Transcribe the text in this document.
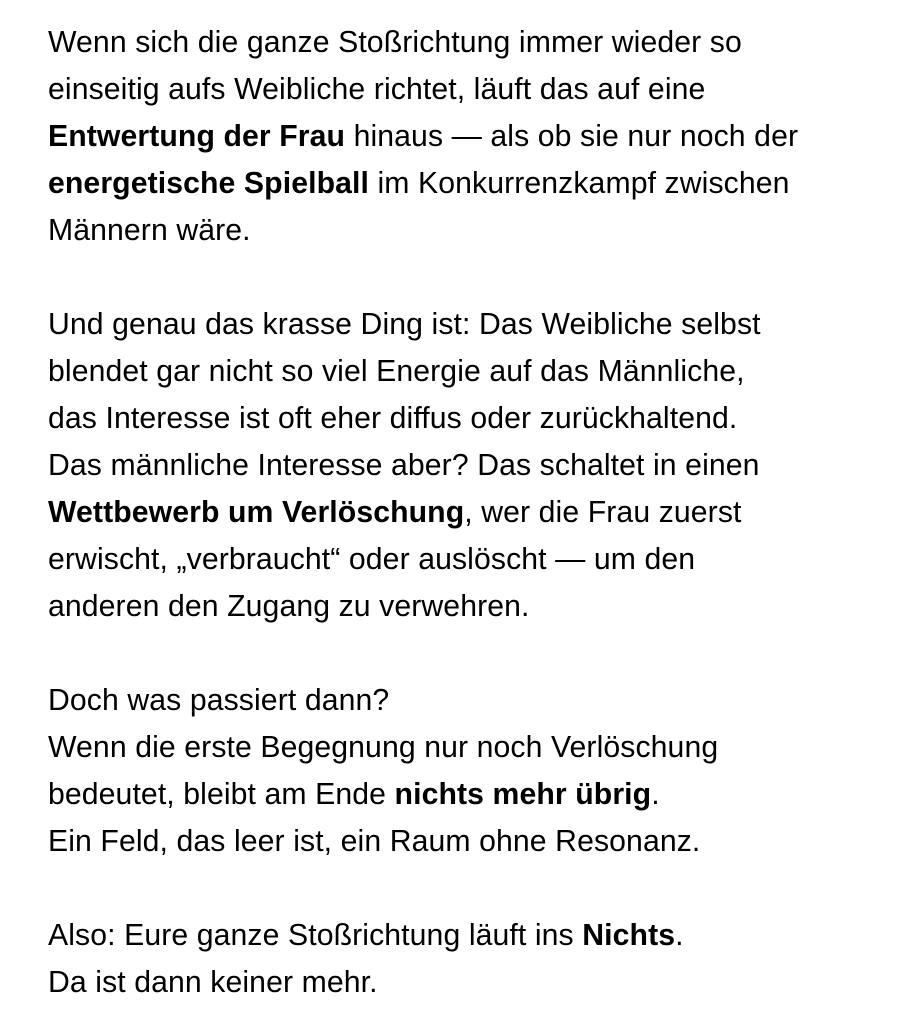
Wenn sich die ganze Stoßrichtung immer wieder so
einseitig aufs Weibliche richtet, läuft das auf eine
Entwertung der Frau hinaus — als ob sie nur noch der
energetische Spielball im Konkurrenzkampf zwischen
Männern wäre.
Und genau das krasse Ding ist: Das Weibliche selbst
blendet gar nicht so viel Energie auf das Männliche,
das Interesse ist oft eher diffus oder zurückhaltend.
Das männliche Interesse aber? Das schaltet in einen
Wettbewerb um Verlöschung, wer die Frau zuerst
erwischt, „verbraucht“ oder auslöscht — um den
anderen den Zugang zu verwehren.
Doch was passiert dann?
Wenn die erste Begegnung nur noch Verlöschung
bedeutet, bleibt am Ende nichts mehr übrig.
Ein Feld, das leer ist, ein Raum ohne Resonanz.
Also: Eure ganze Stoßrichtung läuft ins Nichts.
Da ist dann keiner mehr.
